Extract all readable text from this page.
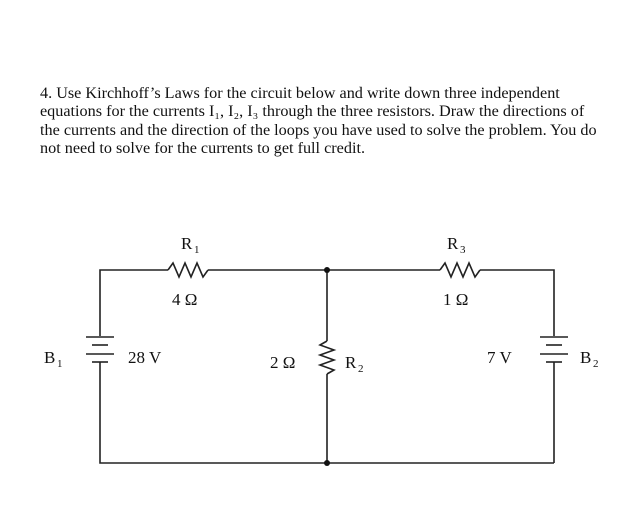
4. Use Kirchhoff’s Laws for the circuit below and write down three independent equations for the currents I₁, I₂, I₃ through the three resistors. Draw the directions of the currents and the direction of the loops you have used to solve the problem. You do not need to solve for the currents to get full credit.

R 1
4 Ω
R 3
1 Ω
B 1	28 V	2 Ω	R 2
7 V	B 2
